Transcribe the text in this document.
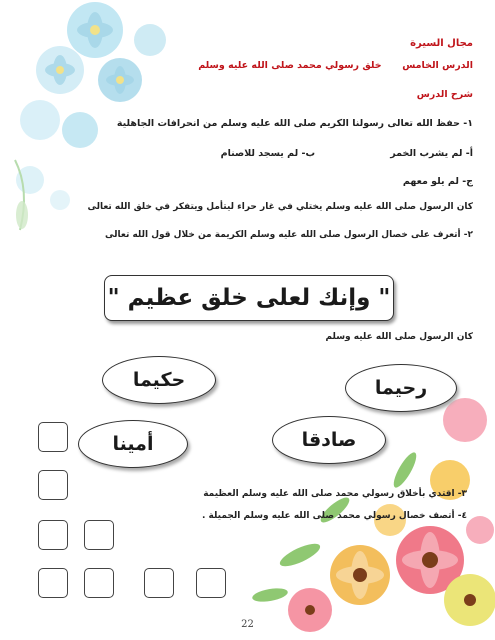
مجال السيرة
الدرس الخامس  خلق رسولي محمد صلى الله عليه وسلم
شرح الدرس
١- حفظ الله تعالى رسولنا الكريم صلى الله عليه وسلم من انحرافات الجاهلية
أ- لم يشرب الخمر
ب- لم يسجد للاصنام
ج- لم يلو معهم
كان الرسول صلى الله عليه وسلم يختلي في غار حراء ليتأمل ويتفكر في خلق الله تعالى
٢- أتعرف على خصال الرسول صلى الله عليه وسلم الكريمة من خلال قول الله تعالى
" وإنك لعلى خلق عظيم "
كان الرسول صلى الله عليه وسلم
حكيما	رحيما
أمينا	صادقا
٣- اقتدي بأخلاق رسولي محمد صلى الله عليه وسلم العظيمة
٤- أتصف خصال رسولي محمد صلى الله عليه وسلم الجميلة .
22
